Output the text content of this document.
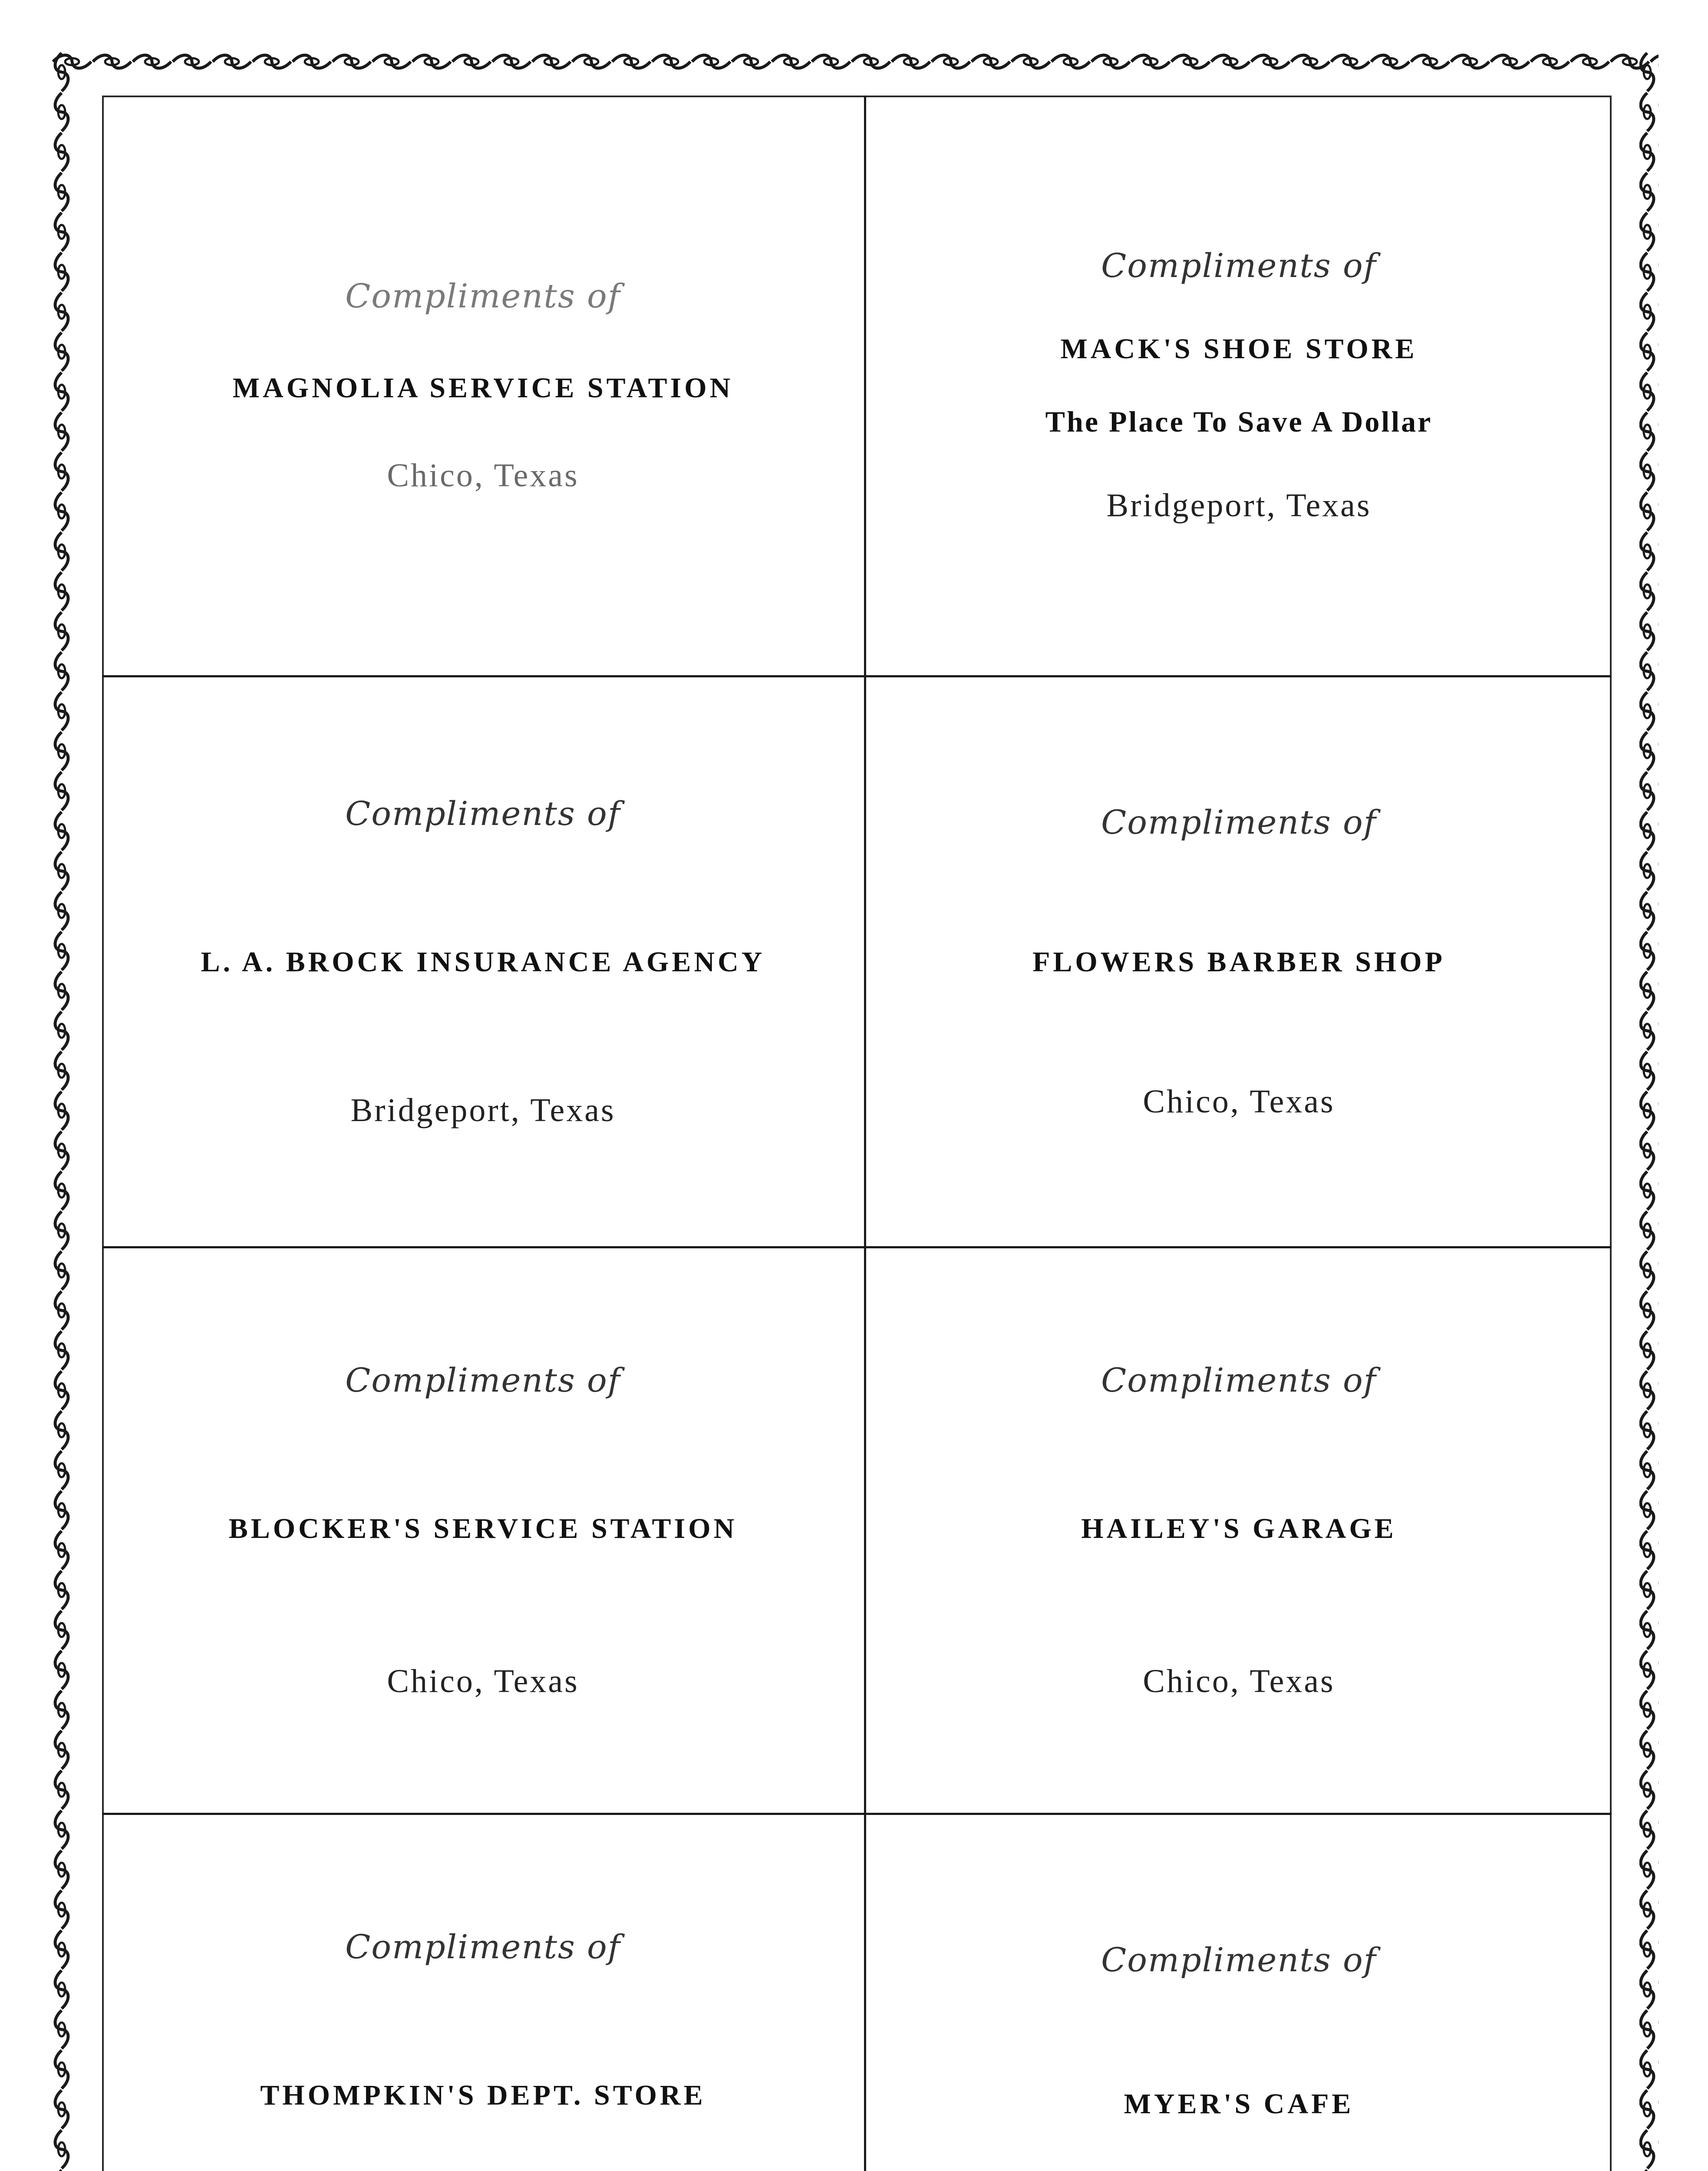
Compliments of
MAGNOLIA SERVICE STATION
Chico, Texas
Compliments of
MACK'S SHOE STORE
The Place To Save A Dollar
Bridgeport, Texas
Compliments of
L. A. BROCK INSURANCE AGENCY
Bridgeport, Texas
Compliments of
FLOWERS BARBER SHOP
Chico, Texas
Compliments of
BLOCKER'S SERVICE STATION
Chico, Texas
Compliments of
HAILEY'S GARAGE
Chico, Texas
Compliments of
THOMPKIN'S DEPT. STORE
Compliments of
MYER'S CAFE
